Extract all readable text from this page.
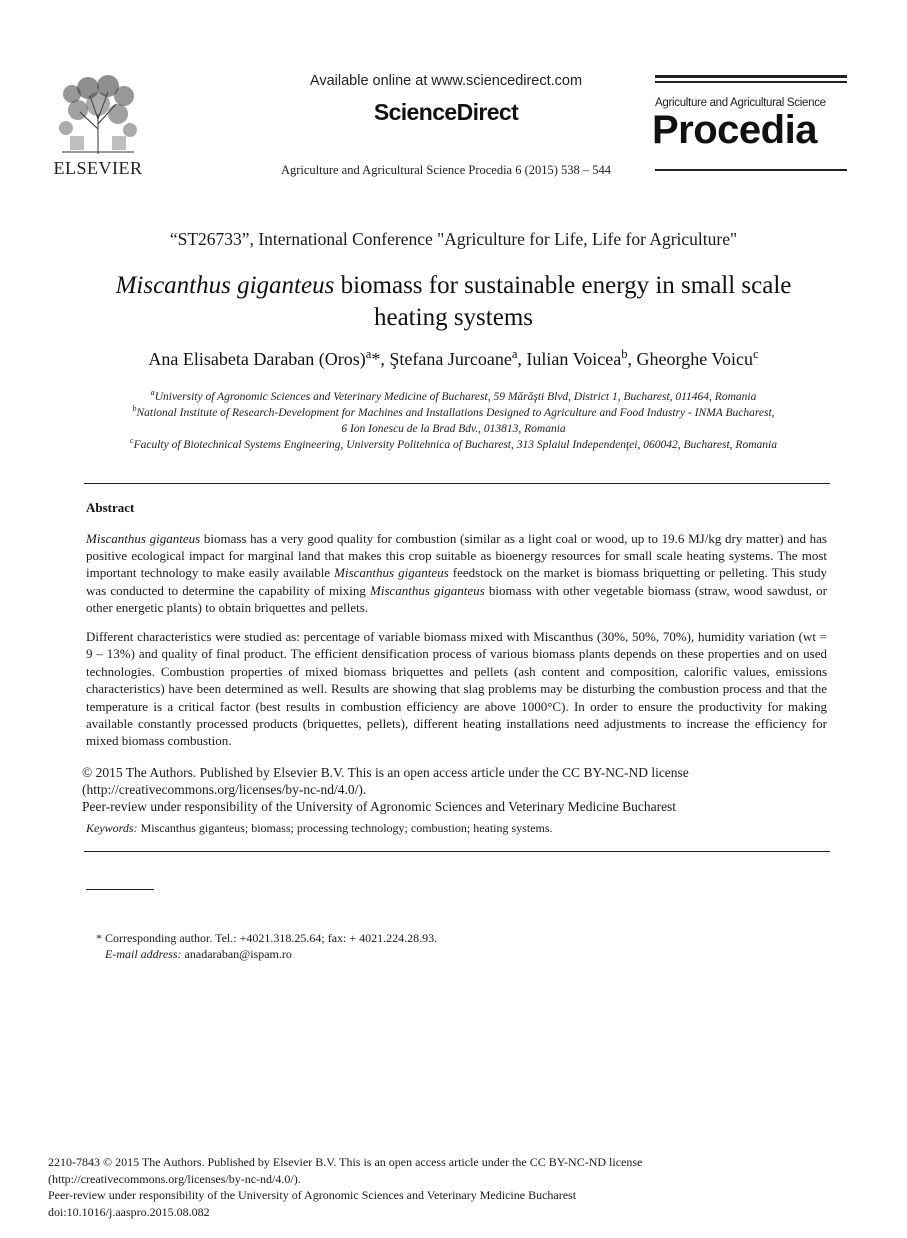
ELSEVIER
Available online at www.sciencedirect.com
ScienceDirect
Agriculture and Agricultural Science Procedia 6 (2015) 538 – 544
Agriculture and Agricultural Science
Procedia
“ST26733”, International Conference "Agriculture for Life, Life for Agriculture"
Miscanthus giganteus biomass for sustainable energy in small scale
heating systems
Ana Elisabeta Daraban (Oros)$^a$*, Ştefana Jurcoane$^a$, Iulian Voicea$^b$, Gheorghe Voicu$^c$
$^a$University of Agronomic Sciences and Veterinary Medicine of Bucharest, 59 Mărăşti Blvd, District 1, Bucharest, 011464, Romania
$^b$National Institute of Research-Development for Machines and Installations Designed to Agriculture and Food Industry - INMA Bucharest,
6 Ion Ionescu de la Brad Bdv., 013813, Romania
$^c$Faculty of Biotechnical Systems Engineering, University Politehnica of Bucharest, 313 Splaiul Independenţei, 060042, Bucharest, Romania
Abstract
Miscanthus giganteus biomass has a very good quality for combustion (similar as a light coal or wood, up to 19.6 MJ/kg dry matter) and has positive ecological impact for marginal land that makes this crop suitable as bioenergy resources for small scale heating systems. The most important technology to make easily available Miscanthus giganteus feedstock on the market is biomass briquetting or pelleting. This study was conducted to determine the capability of mixing Miscanthus giganteus biomass with other vegetable biomass (straw, wood sawdust, or other energetic plants) to obtain briquettes and pellets.
Different characteristics were studied as: percentage of variable biomass mixed with Miscanthus (30%, 50%, 70%), humidity variation (wt = 9 – 13%) and quality of final product. The efficient densification process of various biomass plants depends on these properties and on used technologies. Combustion properties of mixed biomass briquettes and pellets (ash content and composition, calorific values, emissions characteristics) have been determined as well. Results are showing that slag problems may be disturbing the combustion process and that the temperature is a critical factor (best results in combustion efficiency are above 1000°C). In order to ensure the productivity for making available constantly processed products (briquettes, pellets), different heating installations need adjustments to increase the efficiency for mixed biomass combustion.
© 2015 The Authors. Published by Elsevier B.V. This is an open access article under the CC BY-NC-ND license
(http://creativecommons.org/licenses/by-nc-nd/4.0/).
Peer-review under responsibility of the University of Agronomic Sciences and Veterinary Medicine Bucharest
Keywords: Miscanthus giganteus; biomass; processing technology; combustion; heating systems.
* Corresponding author. Tel.: +4021.318.25.64; fax: + 4021.224.28.93.
E-mail address: anadaraban@ispam.ro
2210-7843 © 2015 The Authors. Published by Elsevier B.V. This is an open access article under the CC BY-NC-ND license
(http://creativecommons.org/licenses/by-nc-nd/4.0/).
Peer-review under responsibility of the University of Agronomic Sciences and Veterinary Medicine Bucharest
doi:10.1016/j.aaspro.2015.08.082
